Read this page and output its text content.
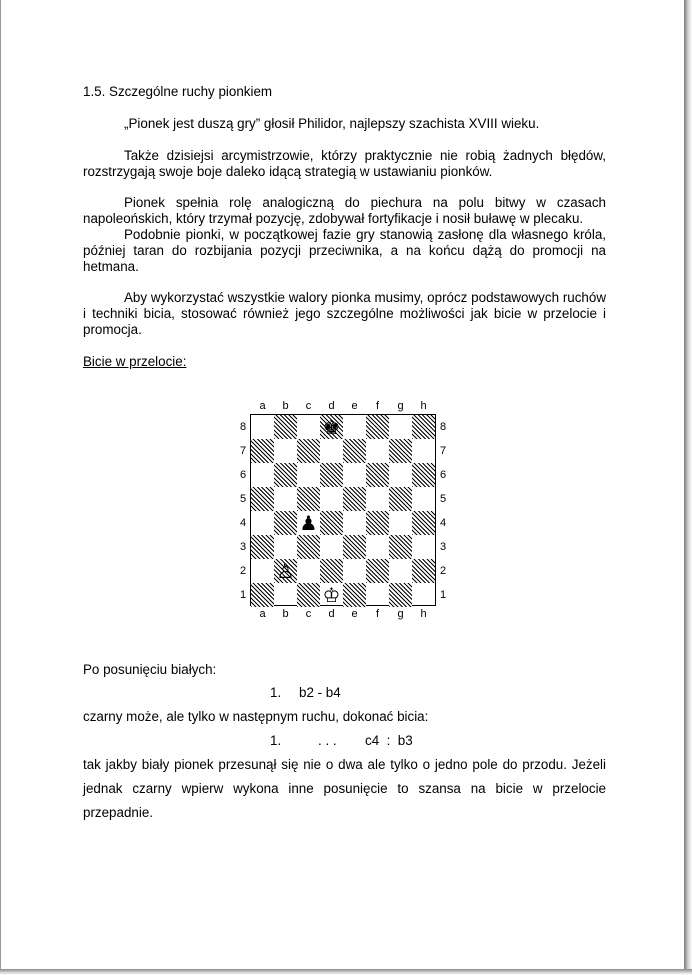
1.5. Szczególne ruchy pionkiem
„Pionek jest duszą gry” głosił Philidor, najlepszy szachista XVIII wieku.
Także dzisiejsi arcymistrzowie, którzy praktycznie nie robią żadnych błędów, rozstrzygają swoje boje daleko idącą strategią w ustawianiu pionków.
Pionek spełnia rolę analogiczną do piechura na polu bitwy w czasach napoleońskich, który trzymał pozycję, zdobywał fortyfikacje i nosił buławę w plecaku.
Podobnie pionki, w początkowej fazie gry stanowią zasłonę dla własnego króla, później taran do rozbijania pozycji przeciwnika, a na końcu dążą do promocji na hetmana.
Aby wykorzystać wszystkie walory pionka musimy, oprócz podstawowych ruchów i techniki bicia, stosować również jego szczególne możliwości jak bicie w przelocie i promocja.
Bicie w przelocie:
♚
♟
♙
♔
a
a
b
b
c
c
d
d
e
e
f
f
g
g
h
h
8	8
7	7
6	6
5	5
4	4
3	3
2	2
1	1
Po posunięciu białych:
1. b2 - b4
czarny może, ale tylko w następnym ruchu, dokonać bicia:
1.	. . . c4  :  b3
tak jakby biały pionek przesunął się nie o dwa ale tylko o jedno pole do przodu. Jeżeli jednak czarny wpierw wykona inne posunięcie to szansa na bicie w przelocie przepadnie.
